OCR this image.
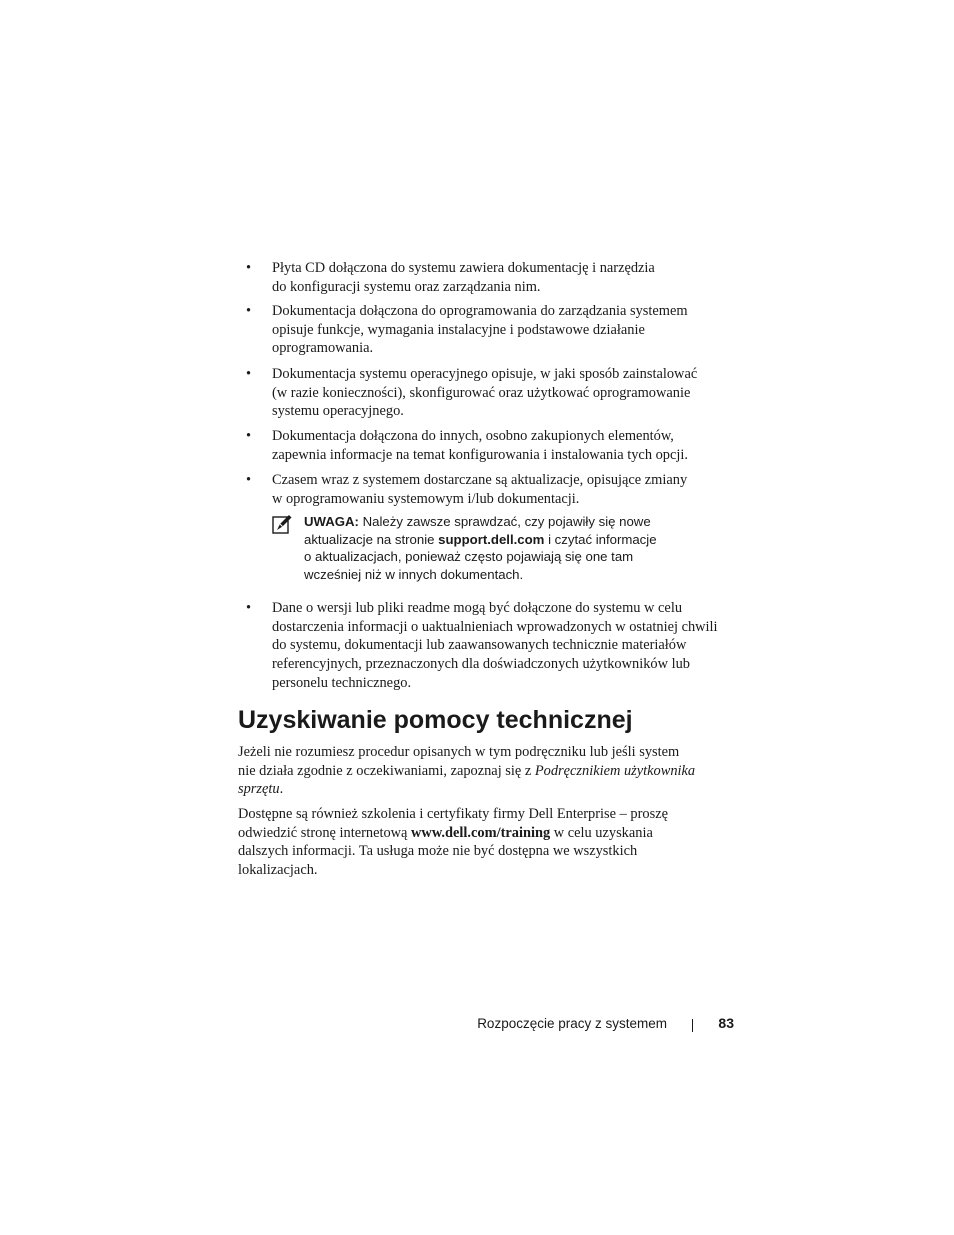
• Płyta CD dołączona do systemu zawiera dokumentację i narzędzia
do konfiguracji systemu oraz zarządzania nim.
• Dokumentacja dołączona do oprogramowania do zarządzania systemem
opisuje funkcje, wymagania instalacyjne i podstawowe działanie
oprogramowania.
• Dokumentacja systemu operacyjnego opisuje, w jaki sposób zainstalować
(w razie konieczności), skonfigurować oraz użytkować oprogramowanie
systemu operacyjnego.
• Dokumentacja dołączona do innych, osobno zakupionych elementów,
zapewnia informacje na temat konfigurowania i instalowania tych opcji.
• Czasem wraz z systemem dostarczane są aktualizacje, opisujące zmiany
w oprogramowaniu systemowym i/lub dokumentacji.
UWAGA: Należy zawsze sprawdzać, czy pojawiły się nowe
aktualizacje na stronie support.dell.com i czytać informacje
o aktualizacjach, ponieważ często pojawiają się one tam
wcześniej niż w innych dokumentach.
• Dane o wersji lub pliki readme mogą być dołączone do systemu w celu
dostarczenia informacji o uaktualnieniach wprowadzonych w ostatniej chwili
do systemu, dokumentacji lub zaawansowanych technicznie materiałów
referencyjnych, przeznaczonych dla doświadczonych użytkowników lub
personelu technicznego.
Uzyskiwanie pomocy technicznej

Jeżeli nie rozumiesz procedur opisanych w tym podręczniku lub jeśli system
nie działa zgodnie z oczekiwaniami, zapoznaj się z Podręcznikiem użytkownika
sprzętu.

Dostępne są również szkolenia i certyfikaty firmy Dell Enterprise – proszę
odwiedzić stronę internetową www.dell.com/training w celu uzyskania
dalszych informacji. Ta usługa może nie być dostępna we wszystkich
lokalizacjach.

Rozpoczęcie pracy z systemem	83
